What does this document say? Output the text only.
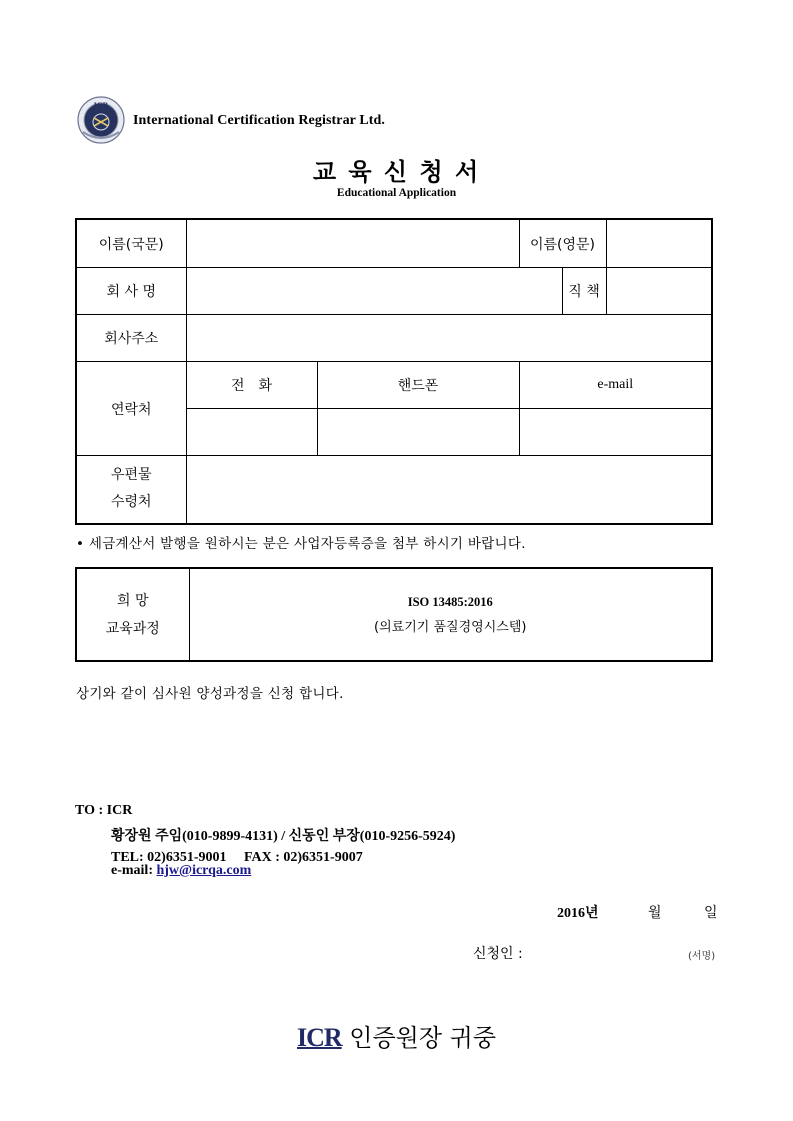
ICR
International Certification Registrar Ltd.
교 육 신 청 서
Educational Application
이름(국문)			이름(영문)		
회 사 명				직 책	
회사주소					
연락처	전　화	핸드폰	e-mail		

우편물
수령처					

• 세금계산서 발행을 원하시는 분은 사업자등록증을 첨부 하시기 바랍니다.
희 망
교육과정

ISO 13485:2016
(의료기기 품질경영시스템)
상기와 같이 심사원 양성과정을 신청 합니다.
TO : ICR
황장원 주임(010-9899-4131) / 신동인 부장(010-9256-5924)
TEL: 02)6351-9001　 FAX : 02)6351-9007
e-mail: hjw@icrqa.com
2016년	월	일
신청인 :	(서명)
ICR 인증원장 귀중
